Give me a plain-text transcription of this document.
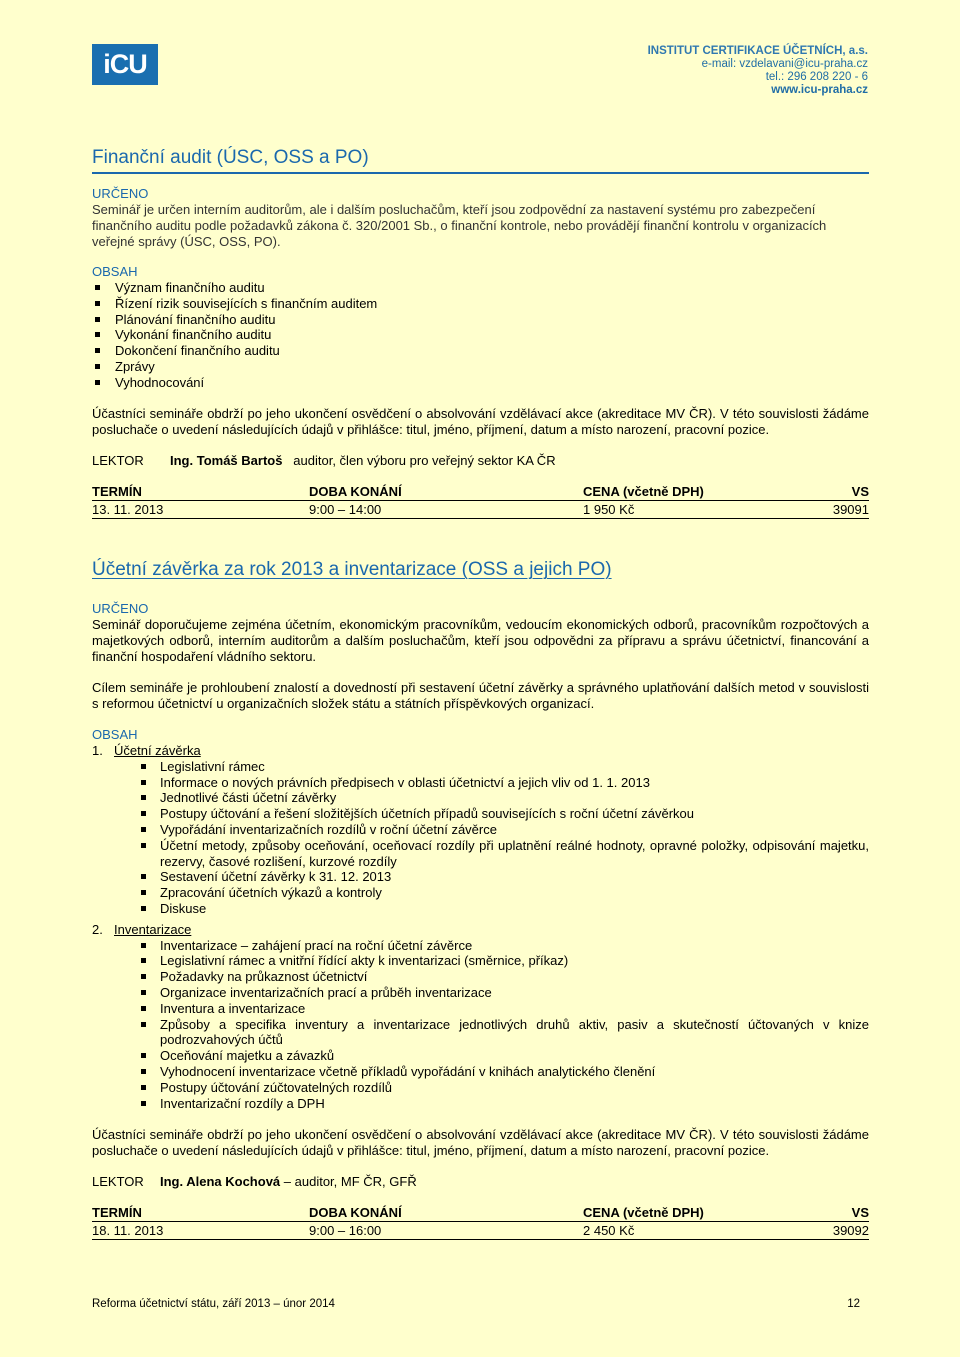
iCU	INSTITUT CERTIFIKACE ÚČETNÍCH, a.s.
e-mail: vzdelavani@icu-praha.cz
tel.: 296 208 220 - 6
www.icu-praha.cz
Finanční audit (ÚSC, OSS a PO)
URČENO

Seminář je určen interním auditorům, ale i dalším posluchačům, kteří jsou zodpovědní za nastavení systému pro zabezpečení finančního auditu podle požadavků zákona č. 320/2001 Sb., o finanční kontrole, nebo provádějí finanční kontrolu v organizacích veřejné správy (ÚSC, OSS, PO).

OBSAH
Význam finančního auditu
Řízení rizik souvisejících s finančním auditem
Plánování finančního auditu
Vykonání finančního auditu
Dokončení finančního auditu
Zprávy
Vyhodnocování

Účastníci semináře obdrží po jeho ukončení osvědčení o absolvování vzdělávací akce (akreditace MV ČR). V této souvislosti žádáme posluchače o uvedení následujících údajů v přihlášce: titul, jméno, příjmení, datum a místo narození, pracovní pozice.

LEKTOR Ing. Tomáš Bartoš auditor, člen výboru pro veřejný sektor KA ČR
TERMÍN	DOBA KONÁNÍ	CENA (včetně DPH)	VS
13. 11. 2013	9:00 – 14:00	1 950 Kč	39091
Účetní závěrka za rok 2013 a inventarizace (OSS a jejich PO)
URČENO

Seminář doporučujeme zejména účetním, ekonomickým pracovníkům, vedoucím ekonomických odborů, pracovníkům rozpočtových a majetkových odborů, interním auditorům a dalším posluchačům, kteří jsou odpovědni za přípravu a správu účetnictví, financování a finanční hospodaření vládního sektoru.

Cílem semináře je prohloubení znalostí a dovedností při sestavení účetní závěrky a správného uplatňování dalších metod v souvislosti s reformou účetnictví u organizačních složek státu a státních příspěvkových organizací.

OBSAH
1. Účetní závěrka
Legislativní rámec
Informace o nových právních předpisech v oblasti účetnictví a jejich vliv od 1. 1. 2013
Jednotlivé části účetní závěrky
Postupy účtování a řešení složitějších účetních případů souvisejících s roční účetní závěrkou
Vypořádání inventarizačních rozdílů v roční účetní závěrce
Účetní metody, způsoby oceňování, oceňovací rozdíly při uplatnění reálné hodnoty, opravné položky, odpisování majetku, rezervy, časové rozlišení, kurzové rozdíly
Sestavení účetní závěrky k 31. 12. 2013
Zpracování účetních výkazů a kontroly
Diskuse
2. Inventarizace
Inventarizace – zahájení prací na roční účetní závěrce
Legislativní rámec a vnitřní řídící akty k inventarizaci (směrnice, příkaz)
Požadavky na průkaznost účetnictví
Organizace inventarizačních prací a průběh inventarizace
Inventura a inventarizace
Způsoby a specifika inventury a inventarizace jednotlivých druhů aktiv, pasiv a skutečností účtovaných v knize podrozvahových účtů
Oceňování majetku a závazků
Vyhodnocení inventarizace včetně příkladů vypořádání v knihách analytického členění
Postupy účtování zúčtovatelných rozdílů
Inventarizační rozdíly a DPH

Účastníci semináře obdrží po jeho ukončení osvědčení o absolvování vzdělávací akce (akreditace MV ČR). V této souvislosti žádáme posluchače o uvedení následujících údajů v přihlášce: titul, jméno, příjmení, datum a místo narození, pracovní pozice.

LEKTOR Ing. Alena Kochová – auditor, MF ČR, GFŘ
TERMÍN	DOBA KONÁNÍ	CENA (včetně DPH)	VS
18. 11. 2013	9:00 – 16:00	2 450 Kč	39092
Reforma účetnictví státu, září 2013 – únor 2014	12
